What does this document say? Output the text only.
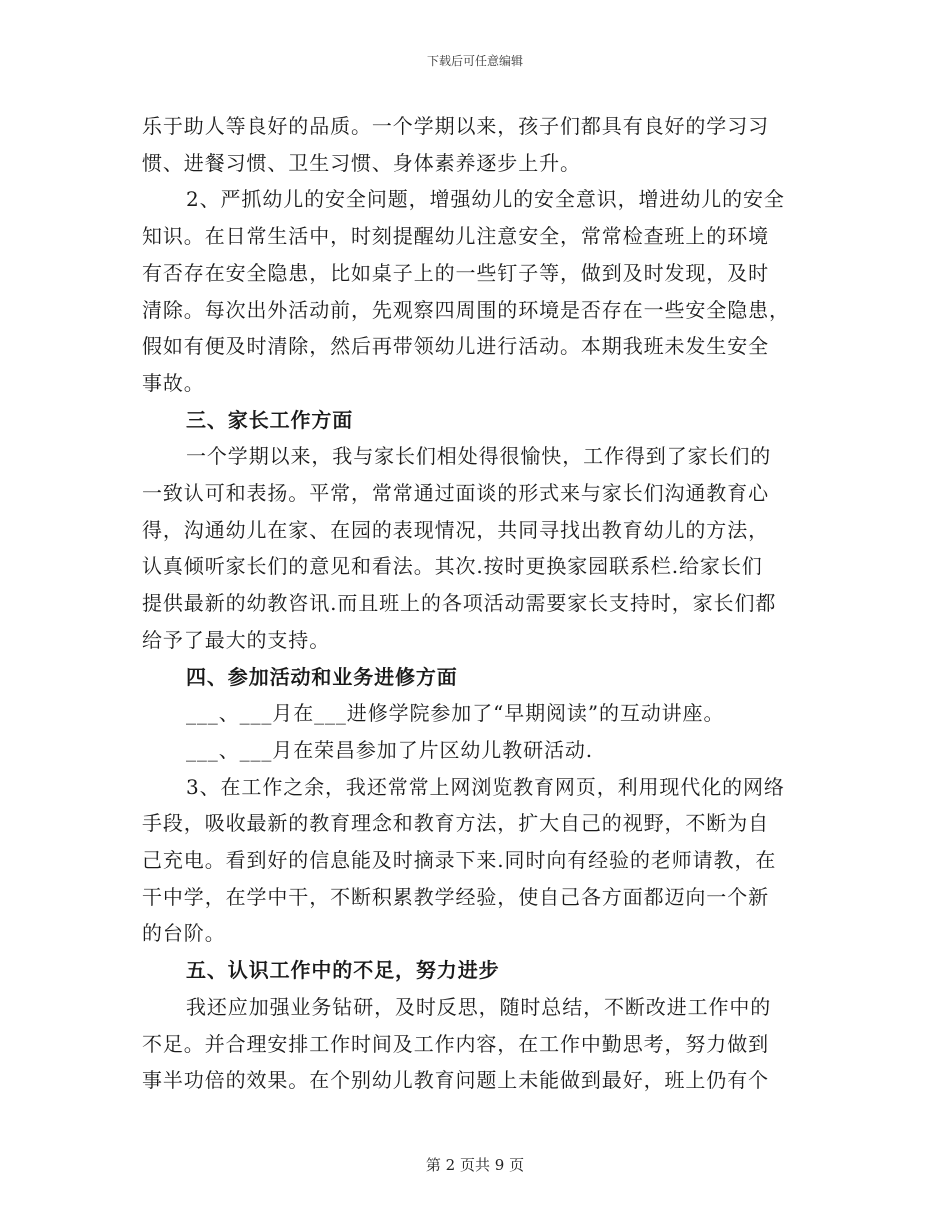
下载后可任意编辑

乐于助人等良好的品质。一个学期以来，孩子们都具有良好的学习习
惯、进餐习惯、卫生习惯、身体素养逐步上升。

2、严抓幼儿的安全问题，增强幼儿的安全意识，增进幼儿的安全
知识。在日常生活中，时刻提醒幼儿注意安全，常常检查班上的环境
有否存在安全隐患，比如桌子上的一些钉子等，做到及时发现，及时
清除。每次出外活动前，先观察四周围的环境是否存在一些安全隐患，
假如有便及时清除，然后再带领幼儿进行活动。本期我班未发生安全
事故。

三、家长工作方面

一个学期以来，我与家长们相处得很愉快，工作得到了家长们的
一致认可和表扬。平常，常常通过面谈的形式来与家长们沟通教育心
得，沟通幼儿在家、在园的表现情况，共同寻找出教育幼儿的方法，
认真倾听家长们的意见和看法。其次.按时更换家园联系栏.给家长们
提供最新的幼教咨讯.而且班上的各项活动需要家长支持时，家长们都
给予了最大的支持。

四、参加活动和业务进修方面

___、___月在___进修学院参加了“早期阅读”的互动讲座。
___、___月在荣昌参加了片区幼儿教研活动.

3、在工作之余，我还常常上网浏览教育网页，利用现代化的网络
手段，吸收最新的教育理念和教育方法，扩大自己的视野，不断为自
己充电。看到好的信息能及时摘录下来.同时向有经验的老师请教，在
干中学，在学中干，不断积累教学经验，使自己各方面都迈向一个新
的台阶。

五、认识工作中的不足，努力进步

我还应加强业务钻研，及时反思，随时总结，不断改进工作中的
不足。并合理安排工作时间及工作内容，在工作中勤思考，努力做到
事半功倍的效果。在个别幼儿教育问题上未能做到最好，班上仍有个

第 2 页共 9 页
